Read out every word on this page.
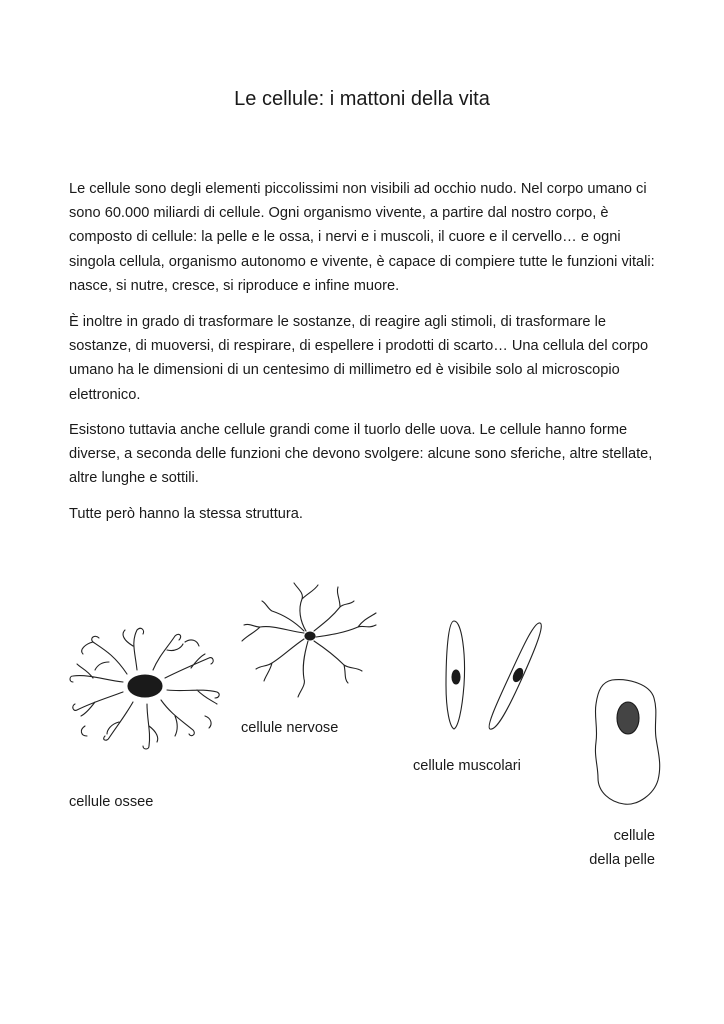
Le cellule: i mattoni della vita

Le cellule sono degli elementi piccolissimi non visibili ad occhio nudo. Nel corpo umano ci sono 60.000 miliardi di cellule. Ogni organismo vivente, a partire dal nostro corpo, è composto di cellule: la pelle e le ossa, i nervi e i muscoli, il cuore e il cervello… e ogni singola cellula, organismo autonomo e vivente, è capace di compiere tutte le funzioni vitali: nasce, si nutre, cresce, si riproduce e infine muore.

È inoltre in grado di trasformare le sostanze, di reagire agli stimoli, di trasformare le sostanze, di muoversi, di respirare, di espellere i prodotti di scarto… Una cellula del corpo umano ha le dimensioni di un centesimo di millimetro ed è visibile solo al microscopio elettronico.

Esistono tuttavia anche cellule grandi come il tuorlo delle uova. Le cellule hanno forme diverse, a seconda delle funzioni che devono svolgere: alcune sono sferiche, altre stellate, altre lunghe e sottili.

Tutte però hanno la stessa struttura.

cellule nervose

cellule muscolari

cellule ossee

cellule
della pelle
